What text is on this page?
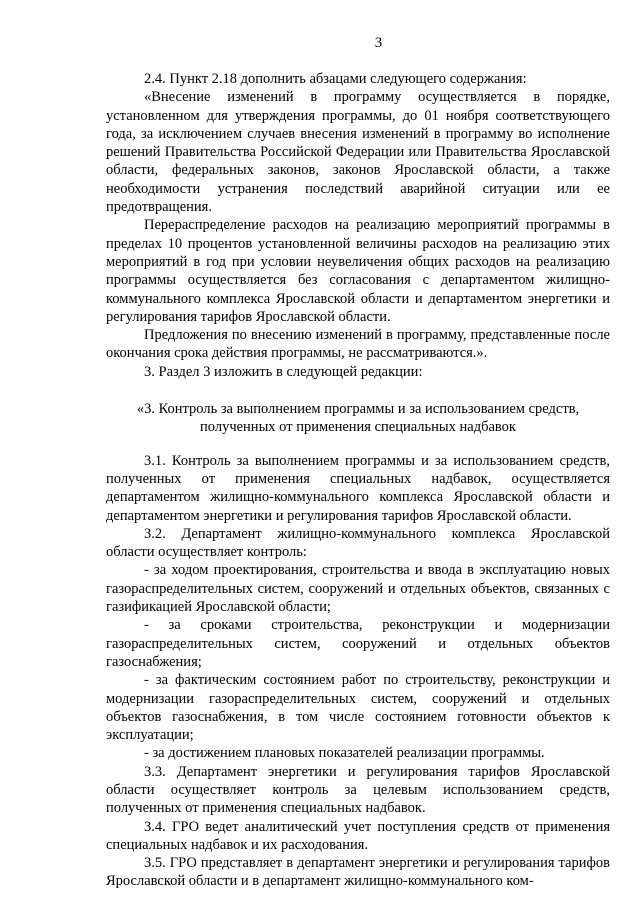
3

2.4. Пункт 2.18 дополнить абзацами следующего содержания:

«Внесение изменений в программу осуществляется в порядке, установленном для утверждения программы, до 01 ноября соответствующего года, за исключением случаев внесения изменений в программу во исполнение решений Правительства Российской Федерации или Правительства Ярославской области, федеральных законов, законов Ярославской области, а также необходимости устранения последствий аварийной ситуации или ее предотвращения.

Перераспределение расходов на реализацию мероприятий программы в пределах 10 процентов установленной величины расходов на реализацию этих мероприятий в год при условии неувеличения общих расходов на реализацию программы осуществляется без согласования с департаментом жилищно-коммунального комплекса Ярославской области и департаментом энергетики и регулирования тарифов Ярославской области.

Предложения по внесению изменений в программу, представленные после окончания срока действия программы, не рассматриваются.».

3. Раздел 3 изложить в следующей редакции:

«3. Контроль за выполнением программы и за использованием средств, полученных от применения специальных надбавок

3.1. Контроль за выполнением программы и за использованием средств, полученных от применения специальных надбавок, осуществляется департаментом жилищно-коммунального комплекса Ярославской области и департаментом энергетики и регулирования тарифов Ярославской области.

3.2. Департамент жилищно-коммунального комплекса Ярославской области осуществляет контроль:

- за ходом проектирования, строительства и ввода в эксплуатацию новых газораспределительных систем, сооружений и отдельных объектов, связанных с газификацией Ярославской области;

- за сроками строительства, реконструкции и модернизации газораспределительных систем, сооружений и отдельных объектов газоснабжения;

- за фактическим состоянием работ по строительству, реконструкции и модернизации газораспределительных систем, сооружений и отдельных объектов газоснабжения, в том числе состоянием готовности объектов к эксплуатации;

- за достижением плановых показателей реализации программы.

3.3. Департамент энергетики и регулирования тарифов Ярославской области осуществляет контроль за целевым использованием средств, полученных от применения специальных надбавок.

3.4. ГРО ведет аналитический учет поступления средств от применения специальных надбавок и их расходования.

3.5. ГРО представляет в департамент энергетики и регулирования тарифов Ярославской области и в департамент жилищно-коммунального ком-
